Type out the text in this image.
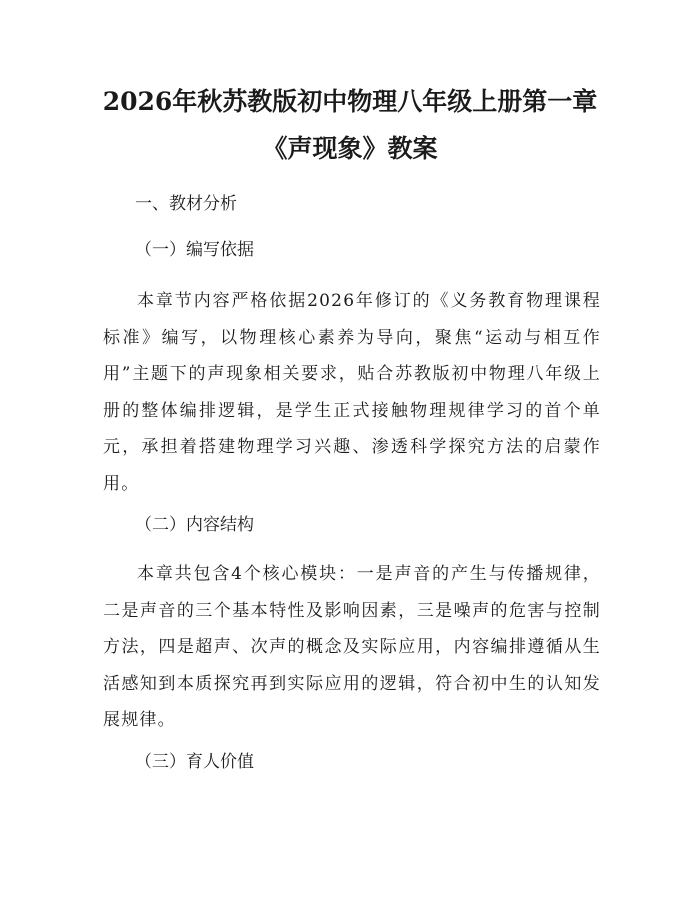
2026年秋苏教版初中物理八年级上册第一章
《声现象》教案
一、教材分析
（一）编写依据

本章节内容严格依据2026年修订的《义务教育物理课程标准》编写，以物理核心素养为导向，聚焦“运动与相互作用”主题下的声现象相关要求，贴合苏教版初中物理八年级上册的整体编排逻辑，是学生正式接触物理规律学习的首个单元，承担着搭建物理学习兴趣、渗透科学探究方法的启蒙作用。

（二）内容结构

本章共包含4个核心模块：一是声音的产生与传播规律，二是声音的三个基本特性及影响因素，三是噪声的危害与控制方法，四是超声、次声的概念及实际应用，内容编排遵循从生活感知到本质探究再到实际应用的逻辑，符合初中生的认知发展规律。

（三）育人价值
